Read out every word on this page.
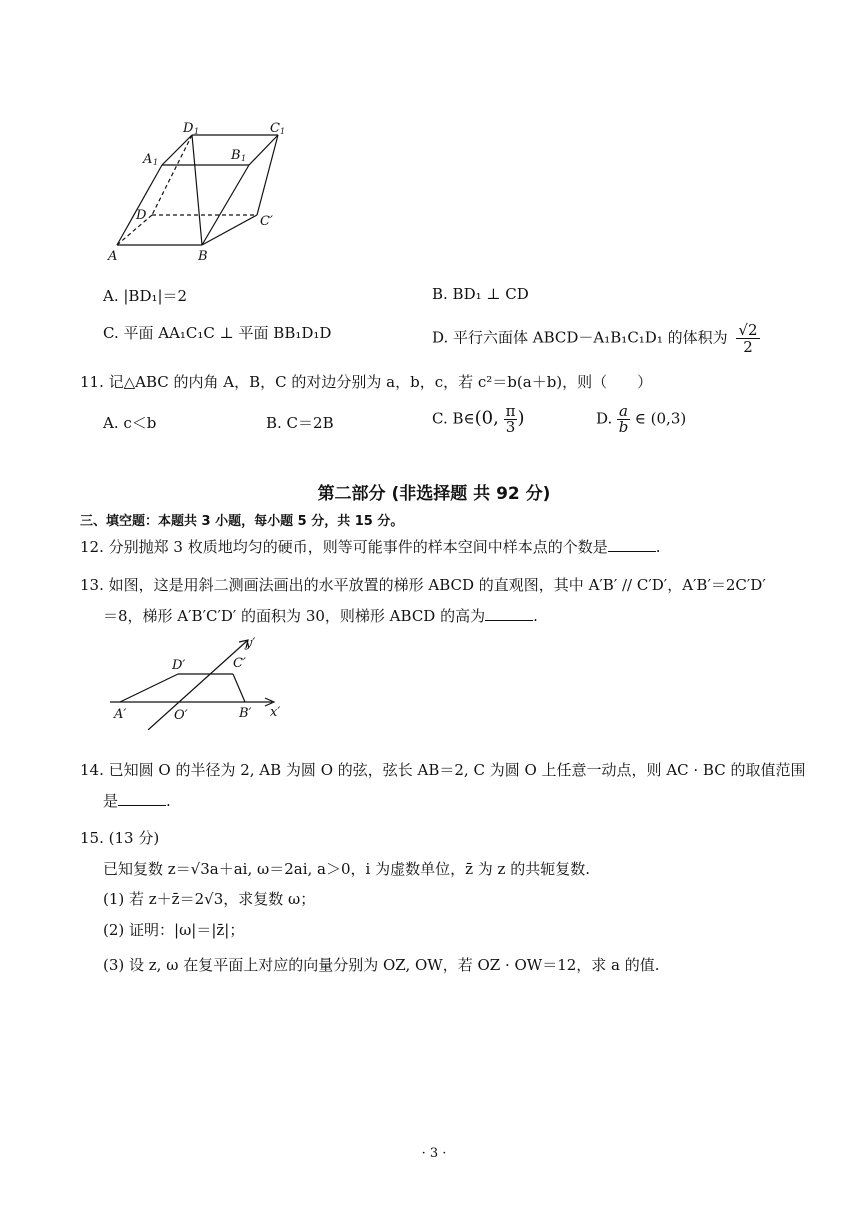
D 1	C 1
A 1	B 1
D	C′
A	B
A. |BD₁|＝2	B. BD₁ ⊥ CD
C. 平面 AA₁C₁C ⊥ 平面 BB₁D₁D	D. 平行六面体 ABCD－A₁B₁C₁D₁ 的体积为 $\frac{√2}{2}$
11. 记△ABC 的内角 A，B，C 的对边分别为 a，b，c，若 c²＝b(a＋b)，则（　　）
A. c＜b	B. C＝2B	C. B∈(0, $\frac{\pi}{3}$ )	D. $\frac{a}{b}$ ∈ (0,3)
第二部分 (非选择题 共 92 分)
三、填空题：本题共 3 小题，每小题 5 分，共 15 分。
12. 分别抛郑 3 枚质地均匀的硬币，则等可能事件的样本空间中样本点的个数是	.
13. 如图，这是用斜二测画法画出的水平放置的梯形 ABCD 的直观图，其中 A′B′ // C′D′，A′B′＝2C′D′
＝8，梯形 A′B′C′D′ 的面积为 30，则梯形 ABCD 的高为	.
y′
x′
D′	C′
A′	O′	B′
14. 已知圆 O 的半径为 2, AB 为圆 O 的弦，弦长 AB＝2, C 为圆 O 上任意一动点，则 AC · BC 的取值范围
是	.
15. (13 分)
已知复数 z＝√3a＋ai, ω＝2ai, a＞0，i 为虚数单位，z̄ 为 z 的共轭复数.
(1) 若 z＋z̄＝2√3，求复数 ω；
(2) 证明：|ω|＝|z̄|；
(3) 设 z, ω 在复平面上对应的向量分别为 OZ, OW，若 OZ · OW＝12，求 a 的值.
· 3 ·
